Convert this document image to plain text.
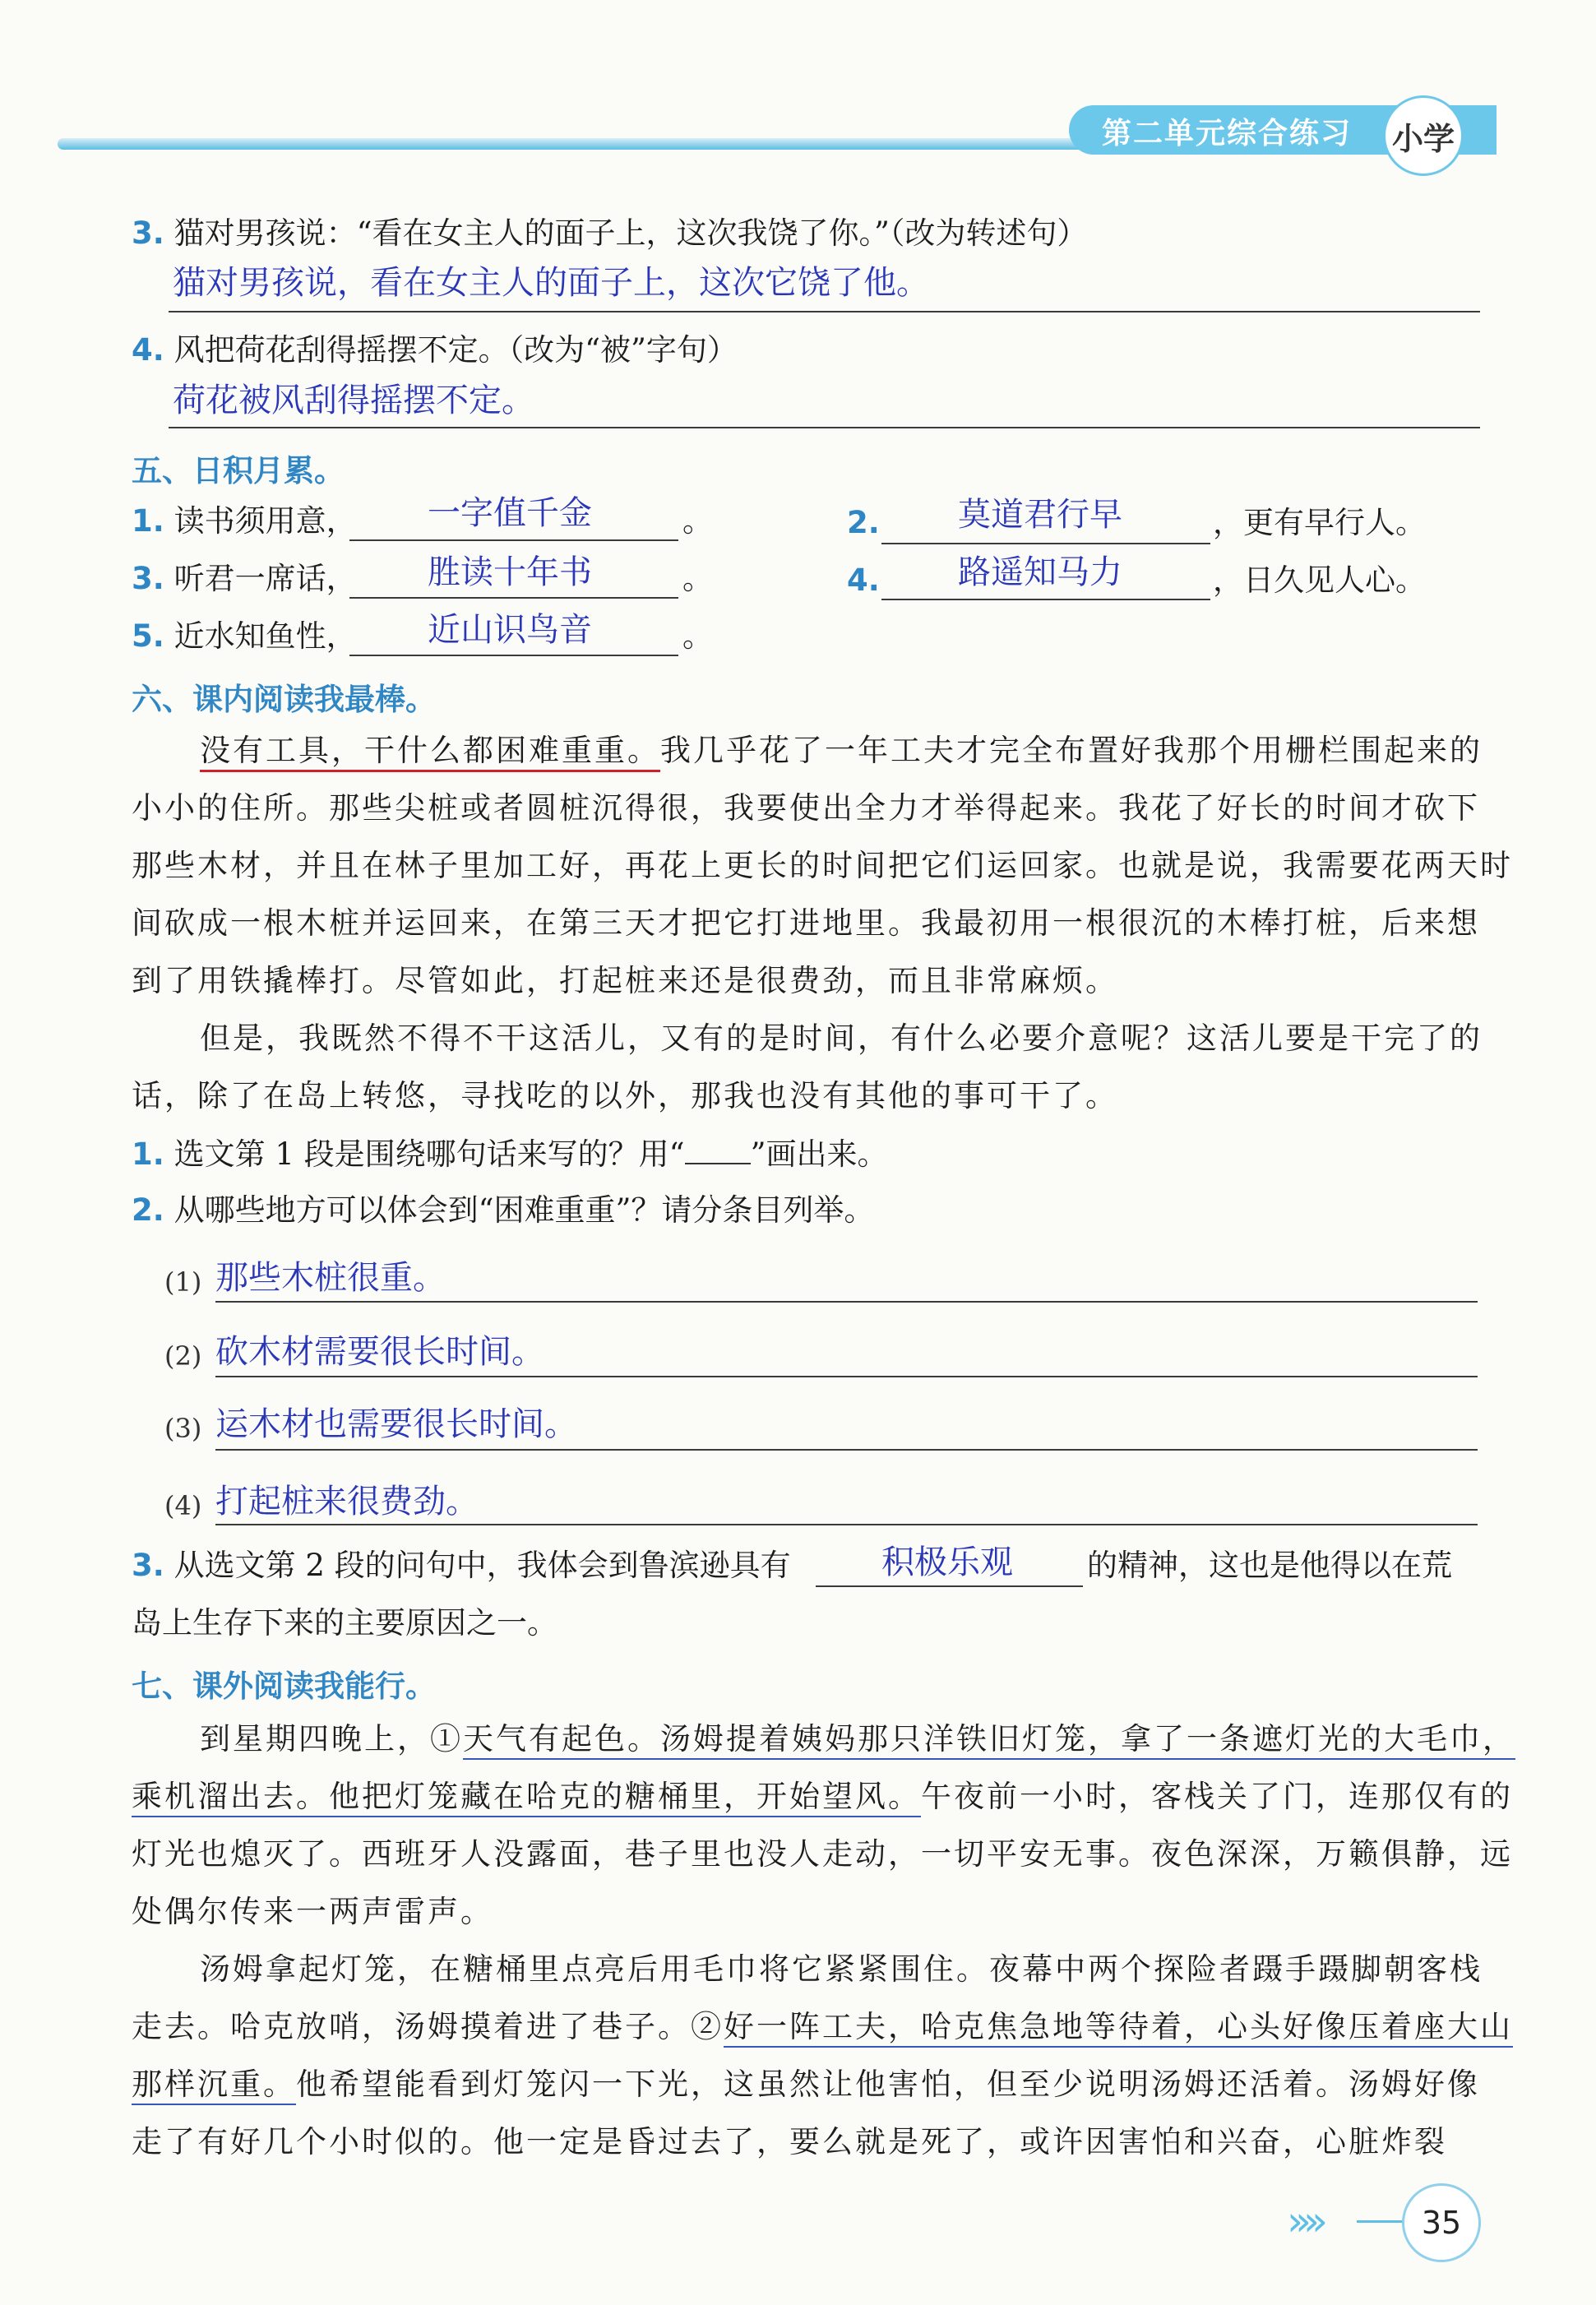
第二单元综合练习 小学
3. 猫对男孩说：“看在女主人的面子上，这次我饶了你。”（改为转述句）
猫对男孩说，看在女主人的面子上，这次它饶了他。
4. 风把荷花刮得摇摆不定。（改为“被”字句）
荷花被风刮得摇摆不定。
五、日积月累。
1. 读书须用意， 一字值千金	。	2. 莫道君行早	，更有早行人。
3. 听君一席话， 胜读十年书	。	4. 路遥知马力	，日久见人心。
5. 近水知鱼性， 近山识鸟音	。
六、课内阅读我最棒。
没有工具，干什么都困难重重。我几乎花了一年工夫才完全布置好我那个用栅栏围起来的
小小的住所。那些尖桩或者圆桩沉得很，我要使出全力才举得起来。我花了好长的时间才砍下
那些木材，并且在林子里加工好，再花上更长的时间把它们运回家。也就是说，我需要花两天时
间砍成一根木桩并运回来，在第三天才把它打进地里。我最初用一根很沉的木棒打桩，后来想
到了用铁撬棒打。尽管如此，打起桩来还是很费劲，而且非常麻烦。
但是，我既然不得不干这活儿，又有的是时间，有什么必要介意呢？这活儿要是干完了的
话，除了在岛上转悠，寻找吃的以外，那我也没有其他的事可干了。
1. 选文第 1 段是围绕哪句话来写的？用“ ”画出来。
2. 从哪些地方可以体会到“困难重重”？请分条目列举。
(1) 那些木桩很重。
(2) 砍木材需要很长时间。
(3) 运木材也需要很长时间。
(4) 打起桩来很费劲。
3. 从选文第 2 段的问句中，我体会到鲁滨逊具有	积极乐观 的精神，这也是他得以在荒
岛上生存下来的主要原因之一。
七、课外阅读我能行。
到星期四晚上，①天气有起色。汤姆提着姨妈那只洋铁旧灯笼，拿了一条遮灯光的大毛巾，
乘机溜出去。他把灯笼藏在哈克的糖桶里，开始望风。午夜前一小时，客栈关了门，连那仅有的
灯光也熄灭了。西班牙人没露面，巷子里也没人走动，一切平安无事。夜色深深，万籁俱静，远
处偶尔传来一两声雷声。
汤姆拿起灯笼，在糖桶里点亮后用毛巾将它紧紧围住。夜幕中两个探险者蹑手蹑脚朝客栈
走去。哈克放哨，汤姆摸着进了巷子。②好一阵工夫，哈克焦急地等待着，心头好像压着座大山
那样沉重。他希望能看到灯笼闪一下光，这虽然让他害怕，但至少说明汤姆还活着。汤姆好像
走了有好几个小时似的。他一定是昏过去了，要么就是死了，或许因害怕和兴奋，心脏炸裂
››››	35
